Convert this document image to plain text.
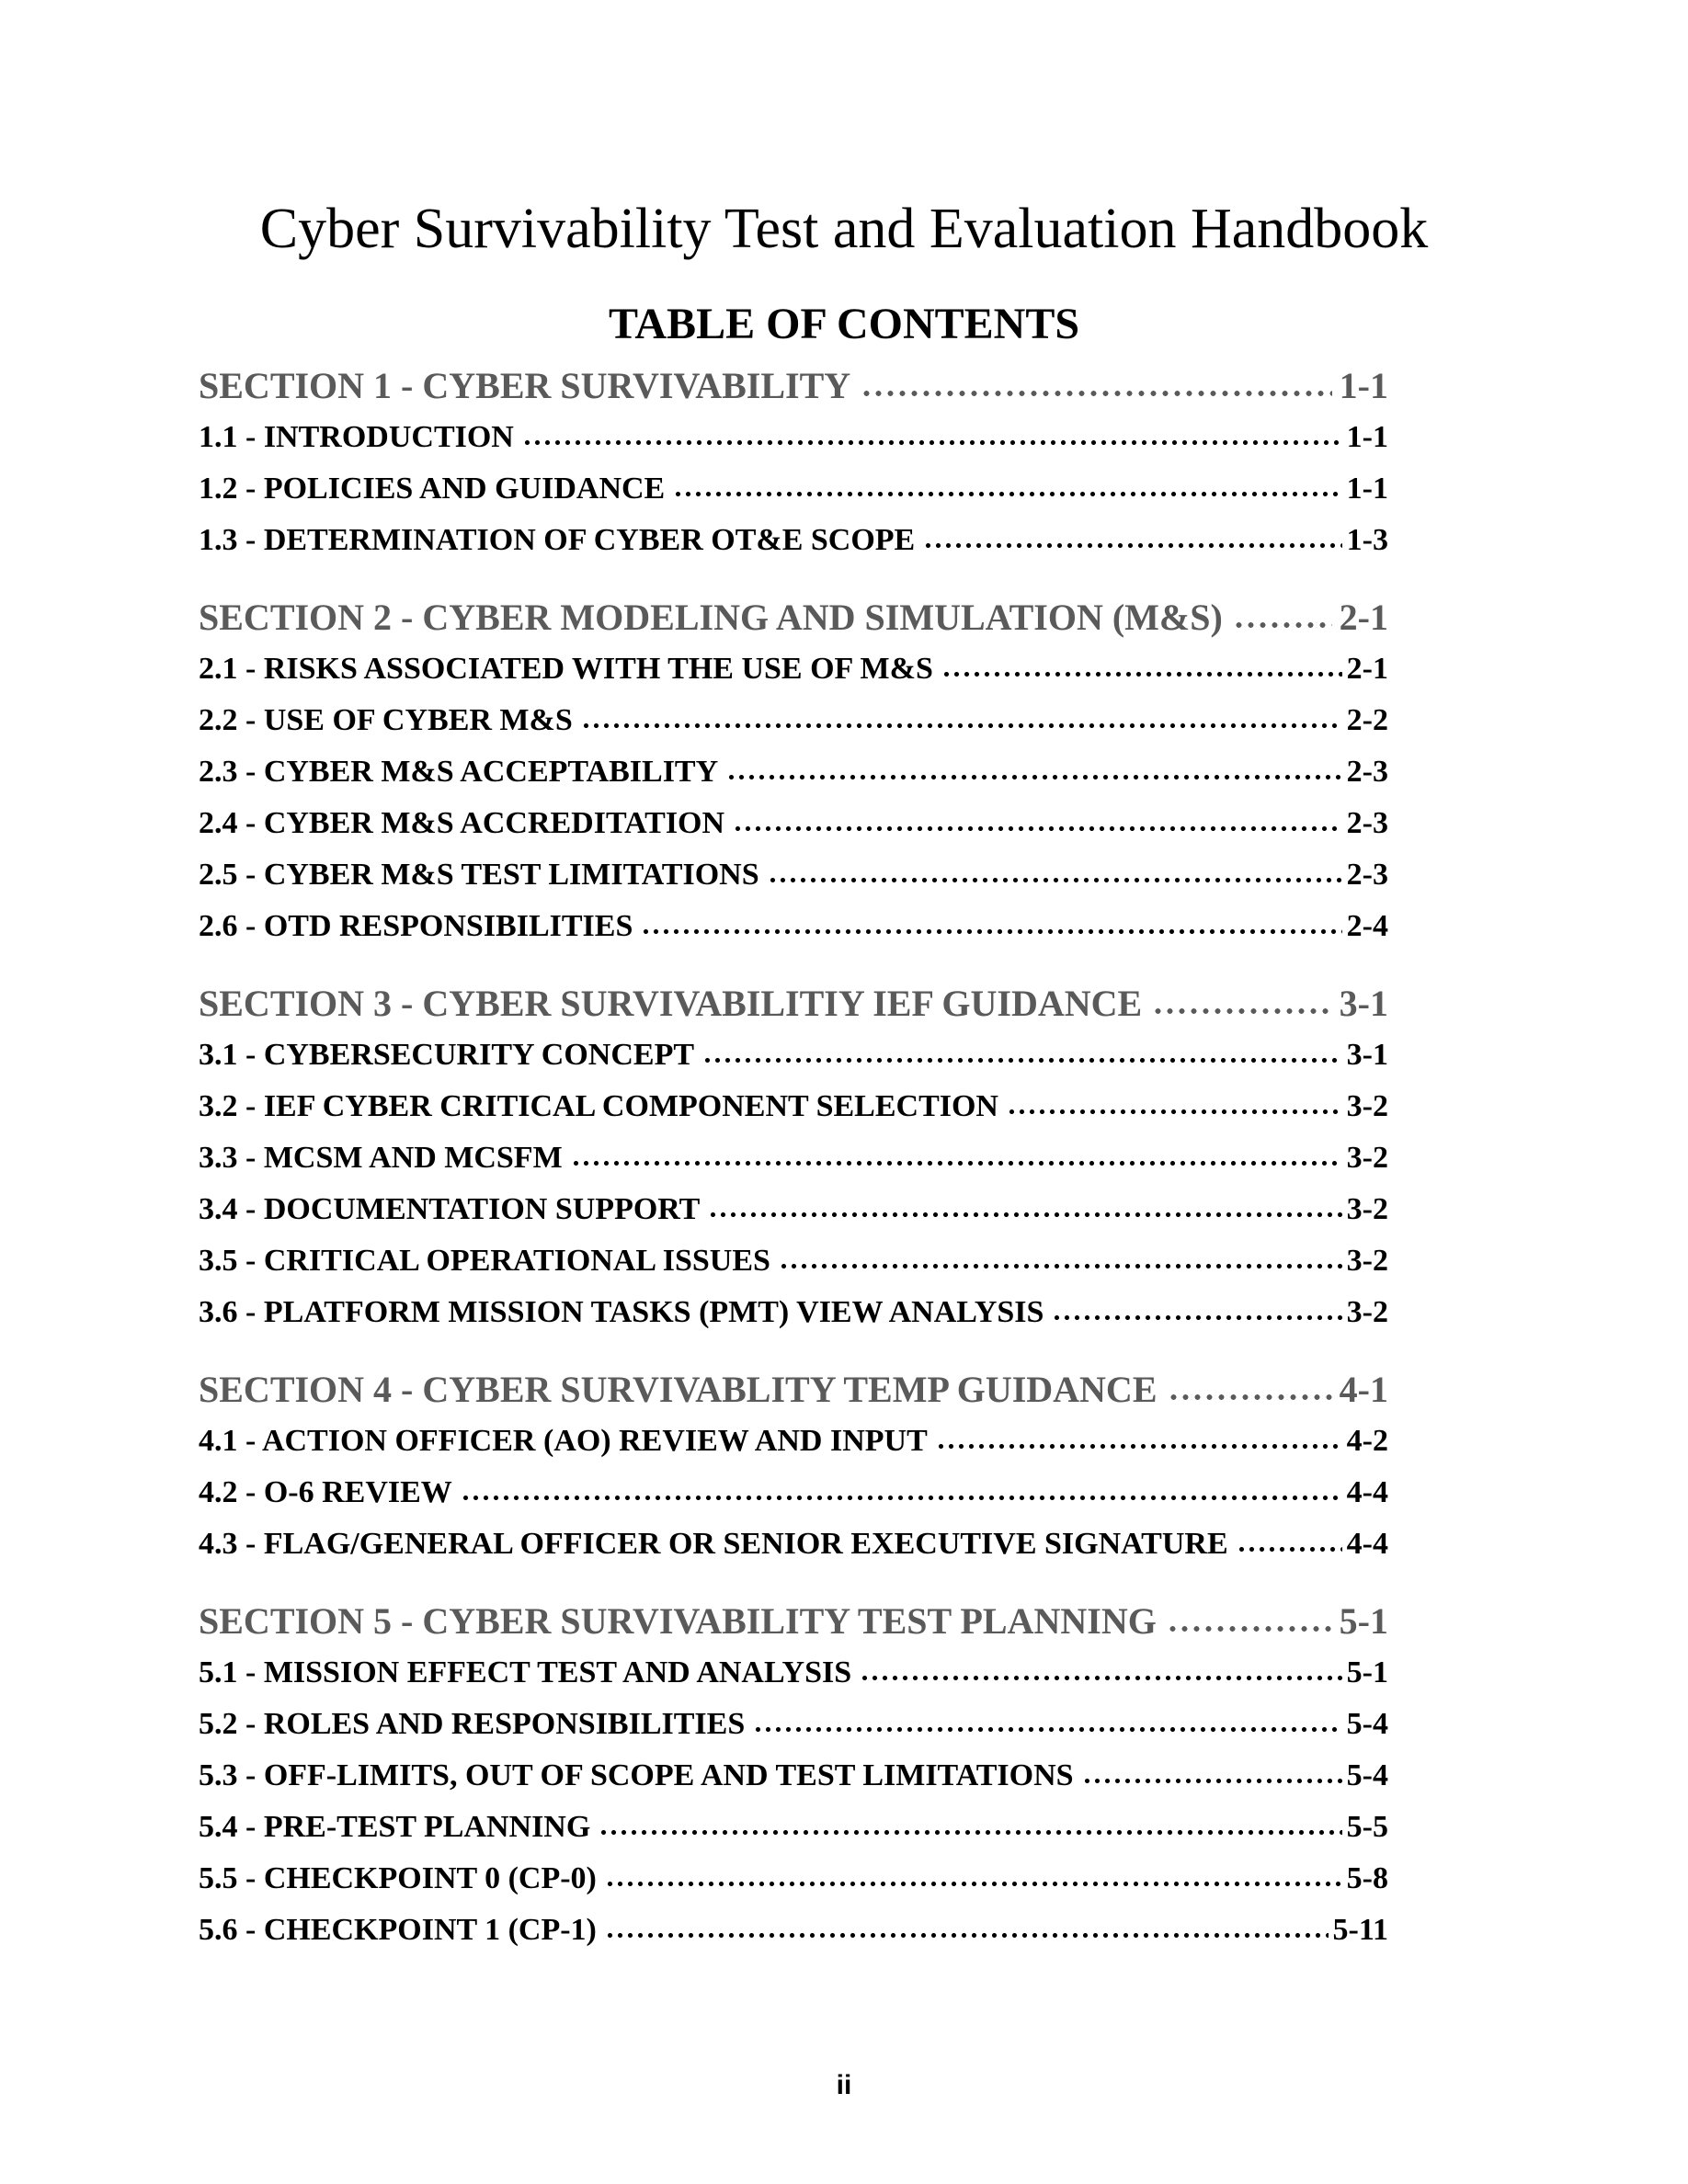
Cyber Survivability Test and Evaluation Handbook
TABLE OF CONTENTS
SECTION 1 - CYBER SURVIVABILITY	1-1
1.1 - INTRODUCTION	1-1
1.2 - POLICIES AND GUIDANCE	1-1
1.3 - DETERMINATION OF CYBER OT&E SCOPE	1-3
SECTION 2 - CYBER MODELING AND SIMULATION (M&S)	2-1
2.1 - RISKS ASSOCIATED WITH THE USE OF M&S	2-1
2.2 - USE OF CYBER M&S	2-2
2.3 - CYBER M&S ACCEPTABILITY	2-3
2.4 - CYBER M&S ACCREDITATION	2-3
2.5 - CYBER M&S TEST LIMITATIONS	2-3
2.6 - OTD RESPONSIBILITIES	2-4
SECTION 3 - CYBER SURVIVABILITIY IEF GUIDANCE	3-1
3.1 - CYBERSECURITY CONCEPT	3-1
3.2 - IEF CYBER CRITICAL COMPONENT SELECTION	3-2
3.3 - MCSM AND MCSFM	3-2
3.4 - DOCUMENTATION SUPPORT	3-2
3.5 - CRITICAL OPERATIONAL ISSUES	3-2
3.6 - PLATFORM MISSION TASKS (PMT) VIEW ANALYSIS	3-2
SECTION 4 - CYBER SURVIVABLITY TEMP GUIDANCE	4-1
4.1 - ACTION OFFICER (AO) REVIEW AND INPUT	4-2
4.2 - O-6 REVIEW	4-4
4.3 - FLAG/GENERAL OFFICER OR SENIOR EXECUTIVE SIGNATURE	4-4
SECTION 5 - CYBER SURVIVABILITY TEST PLANNING	5-1
5.1 - MISSION EFFECT TEST AND ANALYSIS	5-1
5.2 - ROLES AND RESPONSIBILITIES	5-4
5.3 - OFF-LIMITS, OUT OF SCOPE AND TEST LIMITATIONS	5-4
5.4 - PRE-TEST PLANNING	5-5
5.5 - CHECKPOINT 0 (CP-0)	5-8
5.6 - CHECKPOINT 1 (CP-1)	5-11
ii
